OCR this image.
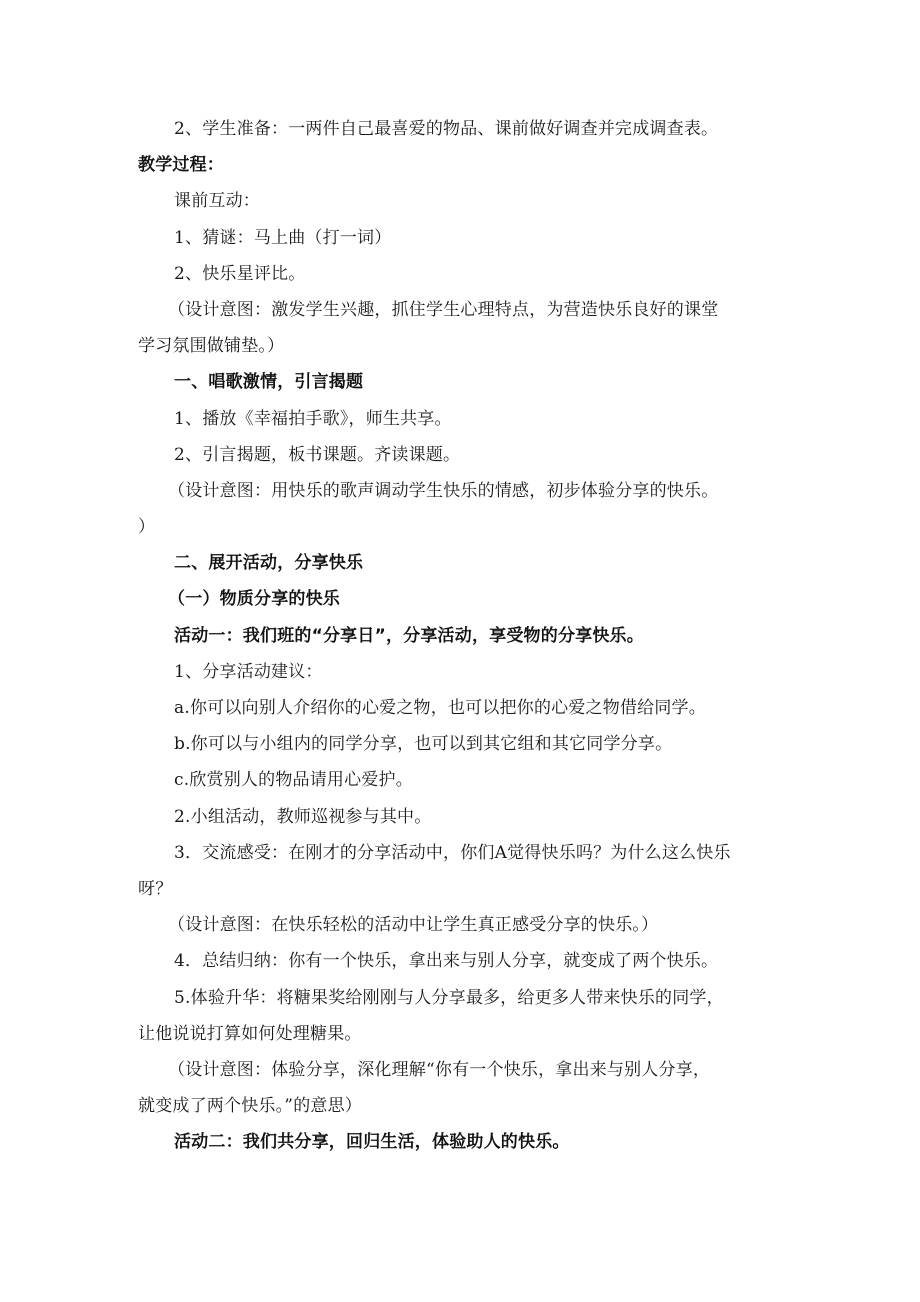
2、学生准备：一两件自己最喜爱的物品、课前做好调查并完成调查表。
教学过程：
课前互动：
1、猜谜：马上曲（打一词）
2、快乐星评比。
（设计意图：激发学生兴趣，抓住学生心理特点，为营造快乐良好的课堂
学习氛围做铺垫。）
一、唱歌激情，引言揭题
1、播放《幸福拍手歌》，师生共享。
2、引言揭题，板书课题。齐读课题。
（设计意图：用快乐的歌声调动学生快乐的情感，初步体验分享的快乐。
）
二、展开活动，分享快乐
（一）物质分享的快乐
活动一：我们班的“分享日”，分享活动，享受物的分享快乐。
1、分享活动建议：
a.你可以向别人介绍你的心爱之物，也可以把你的心爱之物借给同学。
b.你可以与小组内的同学分享，也可以到其它组和其它同学分享。
c.欣赏别人的物品请用心爱护。
2.小组活动，教师巡视参与其中。
3．交流感受：在刚才的分享活动中，你们A觉得快乐吗？为什么这么快乐
呀？
（设计意图：在快乐轻松的活动中让学生真正感受分享的快乐。）
4．总结归纳：你有一个快乐，拿出来与别人分享，就变成了两个快乐。
5.体验升华：将糖果奖给刚刚与人分享最多，给更多人带来快乐的同学，
让他说说打算如何处理糖果。
（设计意图：体验分享，深化理解“你有一个快乐，拿出来与别人分享，
就变成了两个快乐。”的意思）
活动二：我们共分享，回归生活，体验助人的快乐。
